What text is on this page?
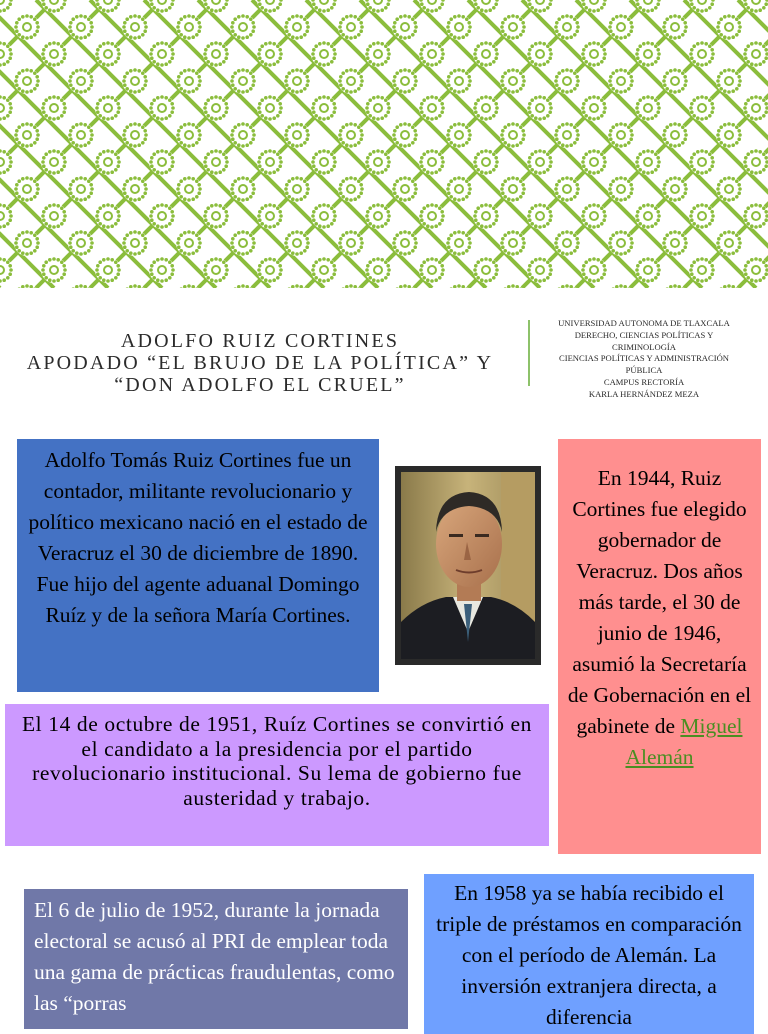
ADOLFO RUIZ CORTINES
APODADO “EL BRUJO DE LA POLÍTICA” Y
“DON ADOLFO EL CRUEL”
UNIVERSIDAD AUTONOMA DE TLAXCALA
DERECHO, CIENCIAS POLÍTICAS Y
CRIMINOLOGÍA
CIENCIAS POLÍTICAS Y ADMINISTRACIÓN
PÚBLICA
CAMPUS RECTORÍA
KARLA HERNÁNDEZ MEZA
Adolfo Tomás Ruiz Cortines fue un contador, militante revolucionario y político mexicano nació en el estado de Veracruz el 30 de diciembre de 1890. Fue hijo del agente aduanal Domingo Ruíz y de la señora María Cortines.
En 1944, Ruiz Cortines fue elegido gobernador de Veracruz. Dos años más tarde, el 30 de junio de 1946, asumió la Secretaría de Gobernación en el gabinete de Miguel Alemán
El 14 de octubre de 1951, Ruíz Cortines se convirtió en el candidato a la presidencia por el partido revolucionario institucional. Su lema de gobierno fue austeridad y trabajo.
El 6 de julio de 1952, durante la jornada electoral se acusó al PRI de emplear toda una gama de prácticas fraudulentas, como las “porras
En 1958 ya se había recibido el triple de préstamos en comparación con el período de Alemán. La inversión extranjera directa, a diferencia
